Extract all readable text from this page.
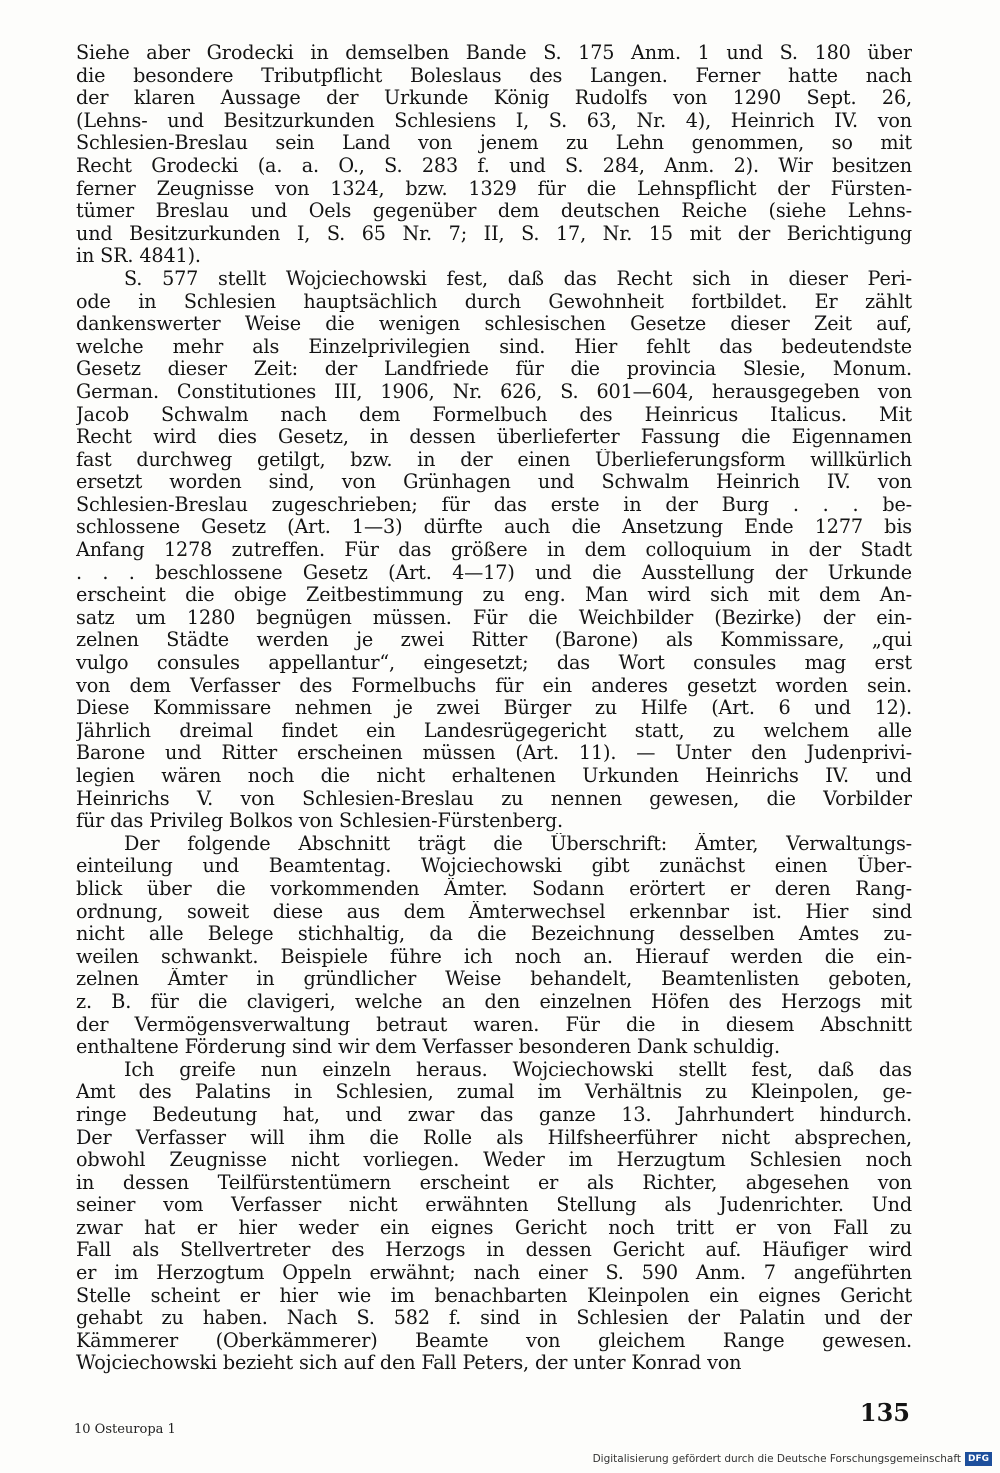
Siehe aber Grodecki in demselben Bande S. 175 Anm. 1 und S. 180 über
die besondere Tributpflicht Boleslaus des Langen. Ferner hatte nach
der klaren Aussage der Urkunde König Rudolfs von 1290 Sept. 26,
(Lehns- und Besitzurkunden Schlesiens I, S. 63, Nr. 4), Heinrich IV. von
Schlesien-Breslau sein Land von jenem zu Lehn genommen, so mit
Recht Grodecki (a. a. O., S. 283 f. und S. 284, Anm. 2). Wir besitzen
ferner Zeugnisse von 1324, bzw. 1329 für die Lehnspflicht der Fürsten-
tümer Breslau und Oels gegenüber dem deutschen Reiche (siehe Lehns-
und Besitzurkunden I, S. 65 Nr. 7; II, S. 17, Nr. 15 mit der Berichtigung
in SR. 4841).
S. 577 stellt Wojciechowski fest, daß das Recht sich in dieser Peri-
ode in Schlesien hauptsächlich durch Gewohnheit fortbildet. Er zählt
dankenswerter Weise die wenigen schlesischen Gesetze dieser Zeit auf,
welche mehr als Einzelprivilegien sind. Hier fehlt das bedeutendste
Gesetz dieser Zeit: der Landfriede für die provincia Slesie, Monum.
German. Constitutiones III, 1906, Nr. 626, S. 601—604, herausgegeben von
Jacob Schwalm nach dem Formelbuch des Heinricus Italicus. Mit
Recht wird dies Gesetz, in dessen überlieferter Fassung die Eigennamen
fast durchweg getilgt, bzw. in der einen Überlieferungsform willkürlich
ersetzt worden sind, von Grünhagen und Schwalm Heinrich IV. von
Schlesien-Breslau zugeschrieben; für das erste in der Burg . . . be-
schlossene Gesetz (Art. 1—3) dürfte auch die Ansetzung Ende 1277 bis
Anfang 1278 zutreffen. Für das größere in dem colloquium in der Stadt
. . . beschlossene Gesetz (Art. 4—17) und die Ausstellung der Urkunde
erscheint die obige Zeitbestimmung zu eng. Man wird sich mit dem An-
satz um 1280 begnügen müssen. Für die Weichbilder (Bezirke) der ein-
zelnen Städte werden je zwei Ritter (Barone) als Kommissare, „qui
vulgo consules appellantur“, eingesetzt; das Wort consules mag erst
von dem Verfasser des Formelbuchs für ein anderes gesetzt worden sein.
Diese Kommissare nehmen je zwei Bürger zu Hilfe (Art. 6 und 12).
Jährlich dreimal findet ein Landesrügegericht statt, zu welchem alle
Barone und Ritter erscheinen müssen (Art. 11). — Unter den Judenprivi-
legien wären noch die nicht erhaltenen Urkunden Heinrichs IV. und
Heinrichs V. von Schlesien-Breslau zu nennen gewesen, die Vorbilder
für das Privileg Bolkos von Schlesien-Fürstenberg.
Der folgende Abschnitt trägt die Überschrift: Ämter, Verwaltungs-
einteilung und Beamtentag. Wojciechowski gibt zunächst einen Über-
blick über die vorkommenden Ämter. Sodann erörtert er deren Rang-
ordnung, soweit diese aus dem Ämterwechsel erkennbar ist. Hier sind
nicht alle Belege stichhaltig, da die Bezeichnung desselben Amtes zu-
weilen schwankt. Beispiele führe ich noch an. Hierauf werden die ein-
zelnen Ämter in gründlicher Weise behandelt, Beamtenlisten geboten,
z. B. für die clavigeri, welche an den einzelnen Höfen des Herzogs mit
der Vermögensverwaltung betraut waren. Für die in diesem Abschnitt
enthaltene Förderung sind wir dem Verfasser besonderen Dank schuldig.
Ich greife nun einzeln heraus. Wojciechowski stellt fest, daß das
Amt des Palatins in Schlesien, zumal im Verhältnis zu Kleinpolen, ge-
ringe Bedeutung hat, und zwar das ganze 13. Jahrhundert hindurch.
Der Verfasser will ihm die Rolle als Hilfsheerführer nicht absprechen,
obwohl Zeugnisse nicht vorliegen. Weder im Herzugtum Schlesien noch
in dessen Teilfürstentümern erscheint er als Richter, abgesehen von
seiner vom Verfasser nicht erwähnten Stellung als Judenrichter. Und
zwar hat er hier weder ein eignes Gericht noch tritt er von Fall zu
Fall als Stellvertreter des Herzogs in dessen Gericht auf. Häufiger wird
er im Herzogtum Oppeln erwähnt; nach einer S. 590 Anm. 7 angeführten
Stelle scheint er hier wie im benachbarten Kleinpolen ein eignes Gericht
gehabt zu haben. Nach S. 582 f. sind in Schlesien der Palatin und der
Kämmerer (Oberkämmerer) Beamte von gleichem Range gewesen.
Wojciechowski bezieht sich auf den Fall Peters, der unter Konrad von
135
10 Osteuropa 1
Digitalisierung gefördert durch die Deutsche Forschungsgemeinschaft DFG
